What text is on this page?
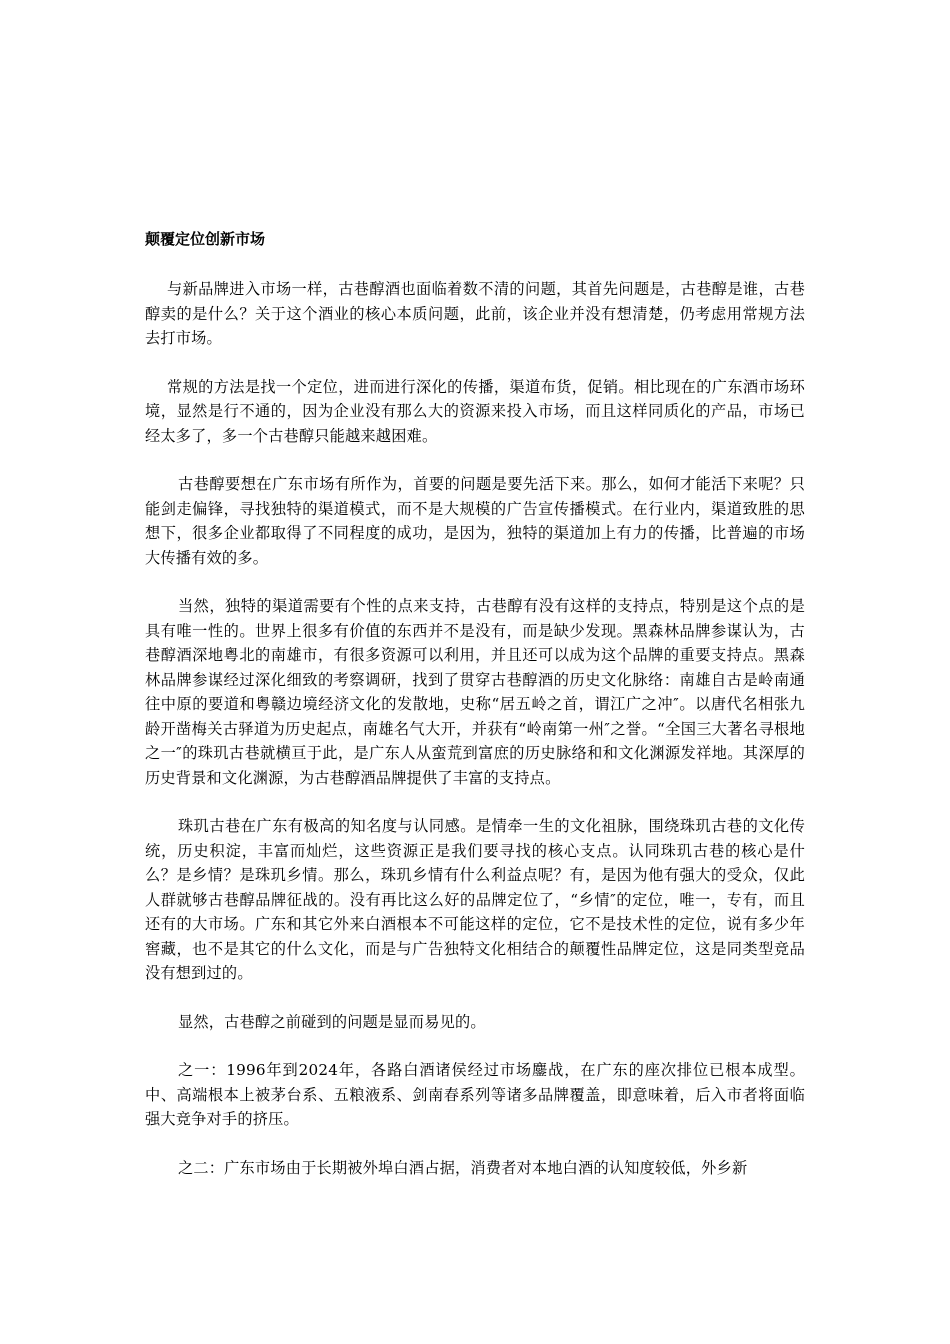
颠覆定位创新市场

与新品牌进入市场一样，古巷醇酒也面临着数不清的问题，其首先问题是，古巷醇是谁，古巷醇卖的是什么？关于这个酒业的核心本质问题，此前，该企业并没有想清楚，仍考虑用常规方法去打市场。

常规的方法是找一个定位，进而进行深化的传播，渠道布货，促销。相比现在的广东酒市场环境，显然是行不通的，因为企业没有那么大的资源来投入市场，而且这样同质化的产品，市场已经太多了，多一个古巷醇只能越来越困难。

古巷醇要想在广东市场有所作为，首要的问题是要先活下来。那么，如何才能活下来呢？只能剑走偏锋，寻找独特的渠道模式，而不是大规模的广告宣传播模式。在行业内，渠道致胜的思想下，很多企业都取得了不同程度的成功，是因为，独特的渠道加上有力的传播，比普遍的市场大传播有效的多。

当然，独特的渠道需要有个性的点来支持，古巷醇有没有这样的支持点，特别是这个点的是具有唯一性的。世界上很多有价值的东西并不是没有，而是缺少发现。黑森林品牌参谋认为，古巷醇酒深地粤北的南雄市，有很多资源可以利用，并且还可以成为这个品牌的重要支持点。黑森林品牌参谋经过深化细致的考察调研，找到了贯穿古巷醇酒的历史文化脉络：南雄自古是岭南通往中原的要道和粤赣边境经济文化的发散地，史称“居五岭之首，谓江广之冲″。以唐代名相张九龄开凿梅关古驿道为历史起点，南雄名气大开，并获有“岭南第一州″之誉。“全国三大著名寻根地之一″的珠玑古巷就横亘于此，是广东人从蛮荒到富庶的历史脉络和和文化渊源发祥地。其深厚的历史背景和文化渊源，为古巷醇酒品牌提供了丰富的支持点。

珠玑古巷在广东有极高的知名度与认同感。是情牵一生的文化祖脉，围绕珠玑古巷的文化传统，历史积淀，丰富而灿烂，这些资源正是我们要寻找的核心支点。认同珠玑古巷的核心是什么？是乡情？是珠玑乡情。那么，珠玑乡情有什么利益点呢？有，是因为他有强大的受众，仅此人群就够古巷醇品牌征战的。没有再比这么好的品牌定位了，“乡情″的定位，唯一，专有，而且还有的大市场。广东和其它外来白酒根本不可能这样的定位，它不是技术性的定位，说有多少年窖藏，也不是其它的什么文化，而是与广告独特文化相结合的颠覆性品牌定位，这是同类型竞品没有想到过的。

显然，古巷醇之前碰到的问题是显而易见的。

之一：1996年到2024年，各路白酒诸侯经过市场鏖战，在广东的座次排位已根本成型。中、高端根本上被茅台系、五粮液系、剑南春系列等诸多品牌覆盖，即意味着，后入市者将面临强大竞争对手的挤压。

之二：广东市场由于长期被外埠白酒占据，消费者对本地白酒的认知度较低，外乡新
